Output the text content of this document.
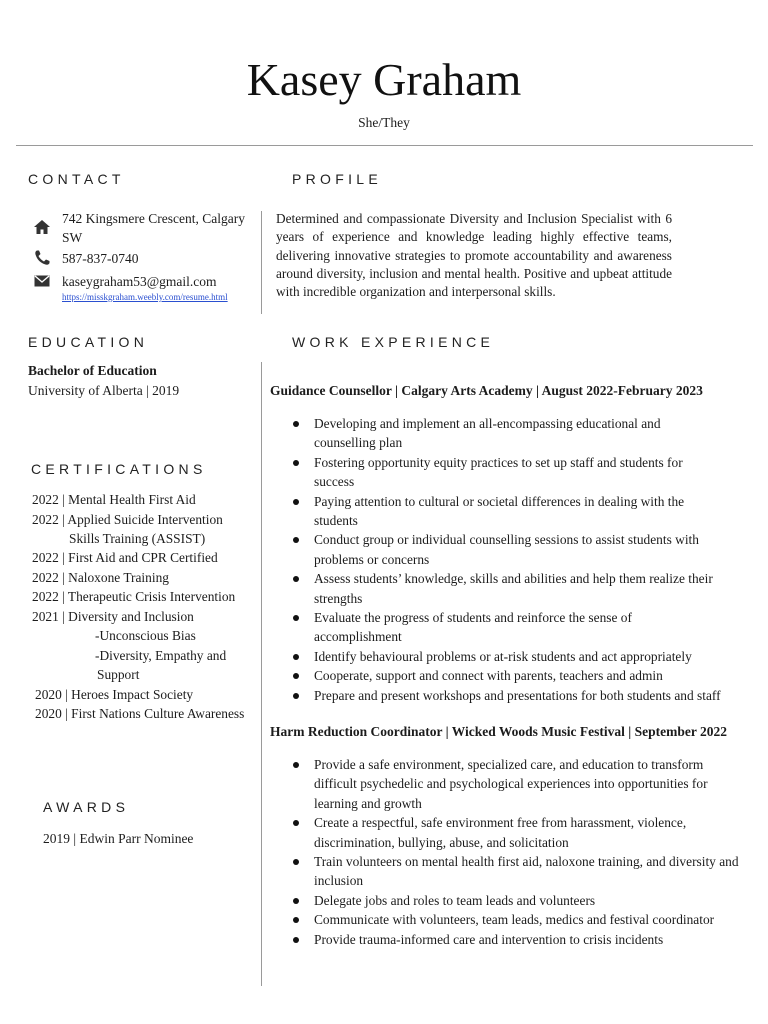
Kasey Graham
She/They
CONTACT
742 Kingsmere Crescent, Calgary
SW
587-837-0740
kaseygraham53@gmail.com
https://misskgraham.weebly.com/resume.html
PROFILE
Determined and compassionate Diversity and Inclusion Specialist with 6 years of experience and knowledge leading highly effective teams, delivering innovative strategies to promote accountability and awareness around diversity, inclusion and mental health. Positive and upbeat attitude with incredible organization and interpersonal skills.
EDUCATION
Bachelor of Education
University of Alberta | 2019
CERTIFICATIONS
2022 | Mental Health First Aid
2022 | Applied Suicide Intervention
Skills Training (ASSIST)
2022 | First Aid and CPR Certified
2022 | Naloxone Training
2022 | Therapeutic Crisis Intervention
2021 | Diversity and Inclusion
-Unconscious Bias
-Diversity, Empathy and
Support
2020 | Heroes Impact Society
2020 | First Nations Culture Awareness
AWARDS
2019 | Edwin Parr Nominee
WORK EXPERIENCE
Guidance Counsellor | Calgary Arts Academy | August 2022-February 2023
Developing and implement an all-encompassing educational and
counselling plan
Fostering opportunity equity practices to set up staff and students for
success
Paying attention to cultural or societal differences in dealing with the
students
Conduct group or individual counselling sessions to assist students with
problems or concerns
Assess students’ knowledge, skills and abilities and help them realize their
strengths
Evaluate the progress of students and reinforce the sense of
accomplishment
Identify behavioural problems or at-risk students and act appropriately
Cooperate, support and connect with parents, teachers and admin
Prepare and present workshops and presentations for both students and staff
Harm Reduction Coordinator | Wicked Woods Music Festival | September 2022
Provide a safe environment, specialized care, and education to transform
difficult psychedelic and psychological experiences into opportunities for
learning and growth
Create a respectful, safe environment free from harassment, violence,
discrimination, bullying, abuse, and solicitation
Train volunteers on mental health first aid, naloxone training, and diversity and
inclusion
Delegate jobs and roles to team leads and volunteers
Communicate with volunteers, team leads, medics and festival coordinator
Provide trauma-informed care and intervention to crisis incidents
